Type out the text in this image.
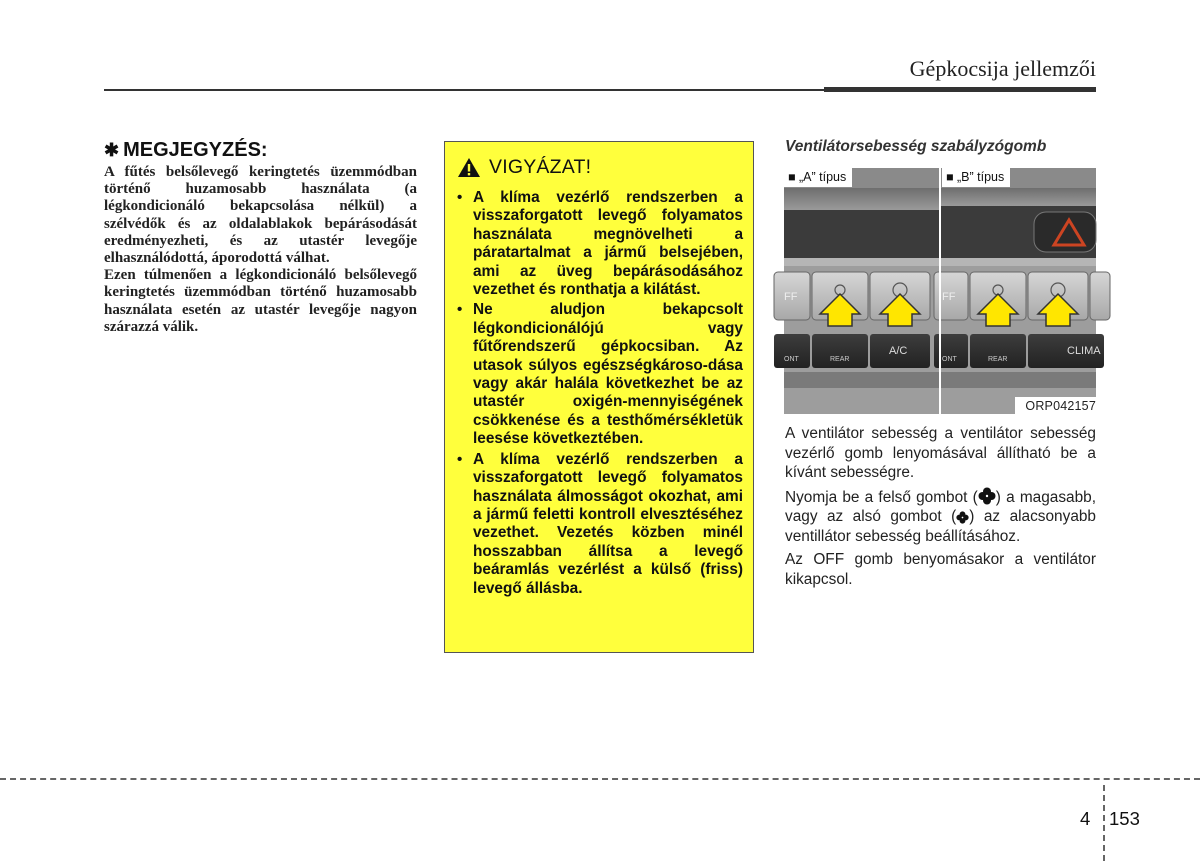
Gépkocsija jellemzői
✱ MEGJEGYZÉS:

A fűtés belsőlevegő keringtetés üzemmódban történő huzamosabb használata (a légkondicionáló bekapcsolása nélkül) a szélvédők és az oldalablakok bepárásodását eredményezheti, és az utastér levegője elhasználódottá, áporodottá válhat.

Ezen túlmenően a légkondicionáló belsőlevegő keringtetés üzemmódban történő huzamosabb használata esetén az utastér levegője nagyon szárazzá válik.

VIGYÁZAT!
• A klíma vezérlő rendszerben a visszaforgatott levegő folyamatos használata megnövelheti a páratartalmat a jármű belsejében, ami az üveg bepárásodásához vezethet és ronthatja a kilátást.
• Ne aludjon bekapcsolt légkondicionálójú vagy fűtőrendszerű gépkocsiban. Az utasok súlyos egészségkároso-dása vagy akár halála következhet be az utastér oxigén-mennyiségének csökkenése és a testhőmérsékletük leesése következtében.
• A klíma vezérlő rendszerben a visszaforgatott levegő folyamatos használata álmosságot okozhat, ami a jármű feletti kontroll elvesztéséhez vezethet. Vezetés közben minél hosszabban állítsa a levegő beáramlás vezérlést a külső (friss) levegő állásba.
Ventilátorsebesség szabályzógomb
FF	FF
A/C
REAR	REAR
ONT	ONT
CLIMA
■ „A” típus	■ „B” típus
ORP042157

A ventilátor sebesség a ventilátor sebesség vezérlő gomb lenyomásával állítható be a kívánt sebességre.

Nyomja be a felső gombot ( ) a magasabb, vagy az alsó gombot ( ) az alacsonyabb ventillátor sebesség beállításához.

Az OFF gomb benyomásakor a ventilátor kikapcsol.

4 153
